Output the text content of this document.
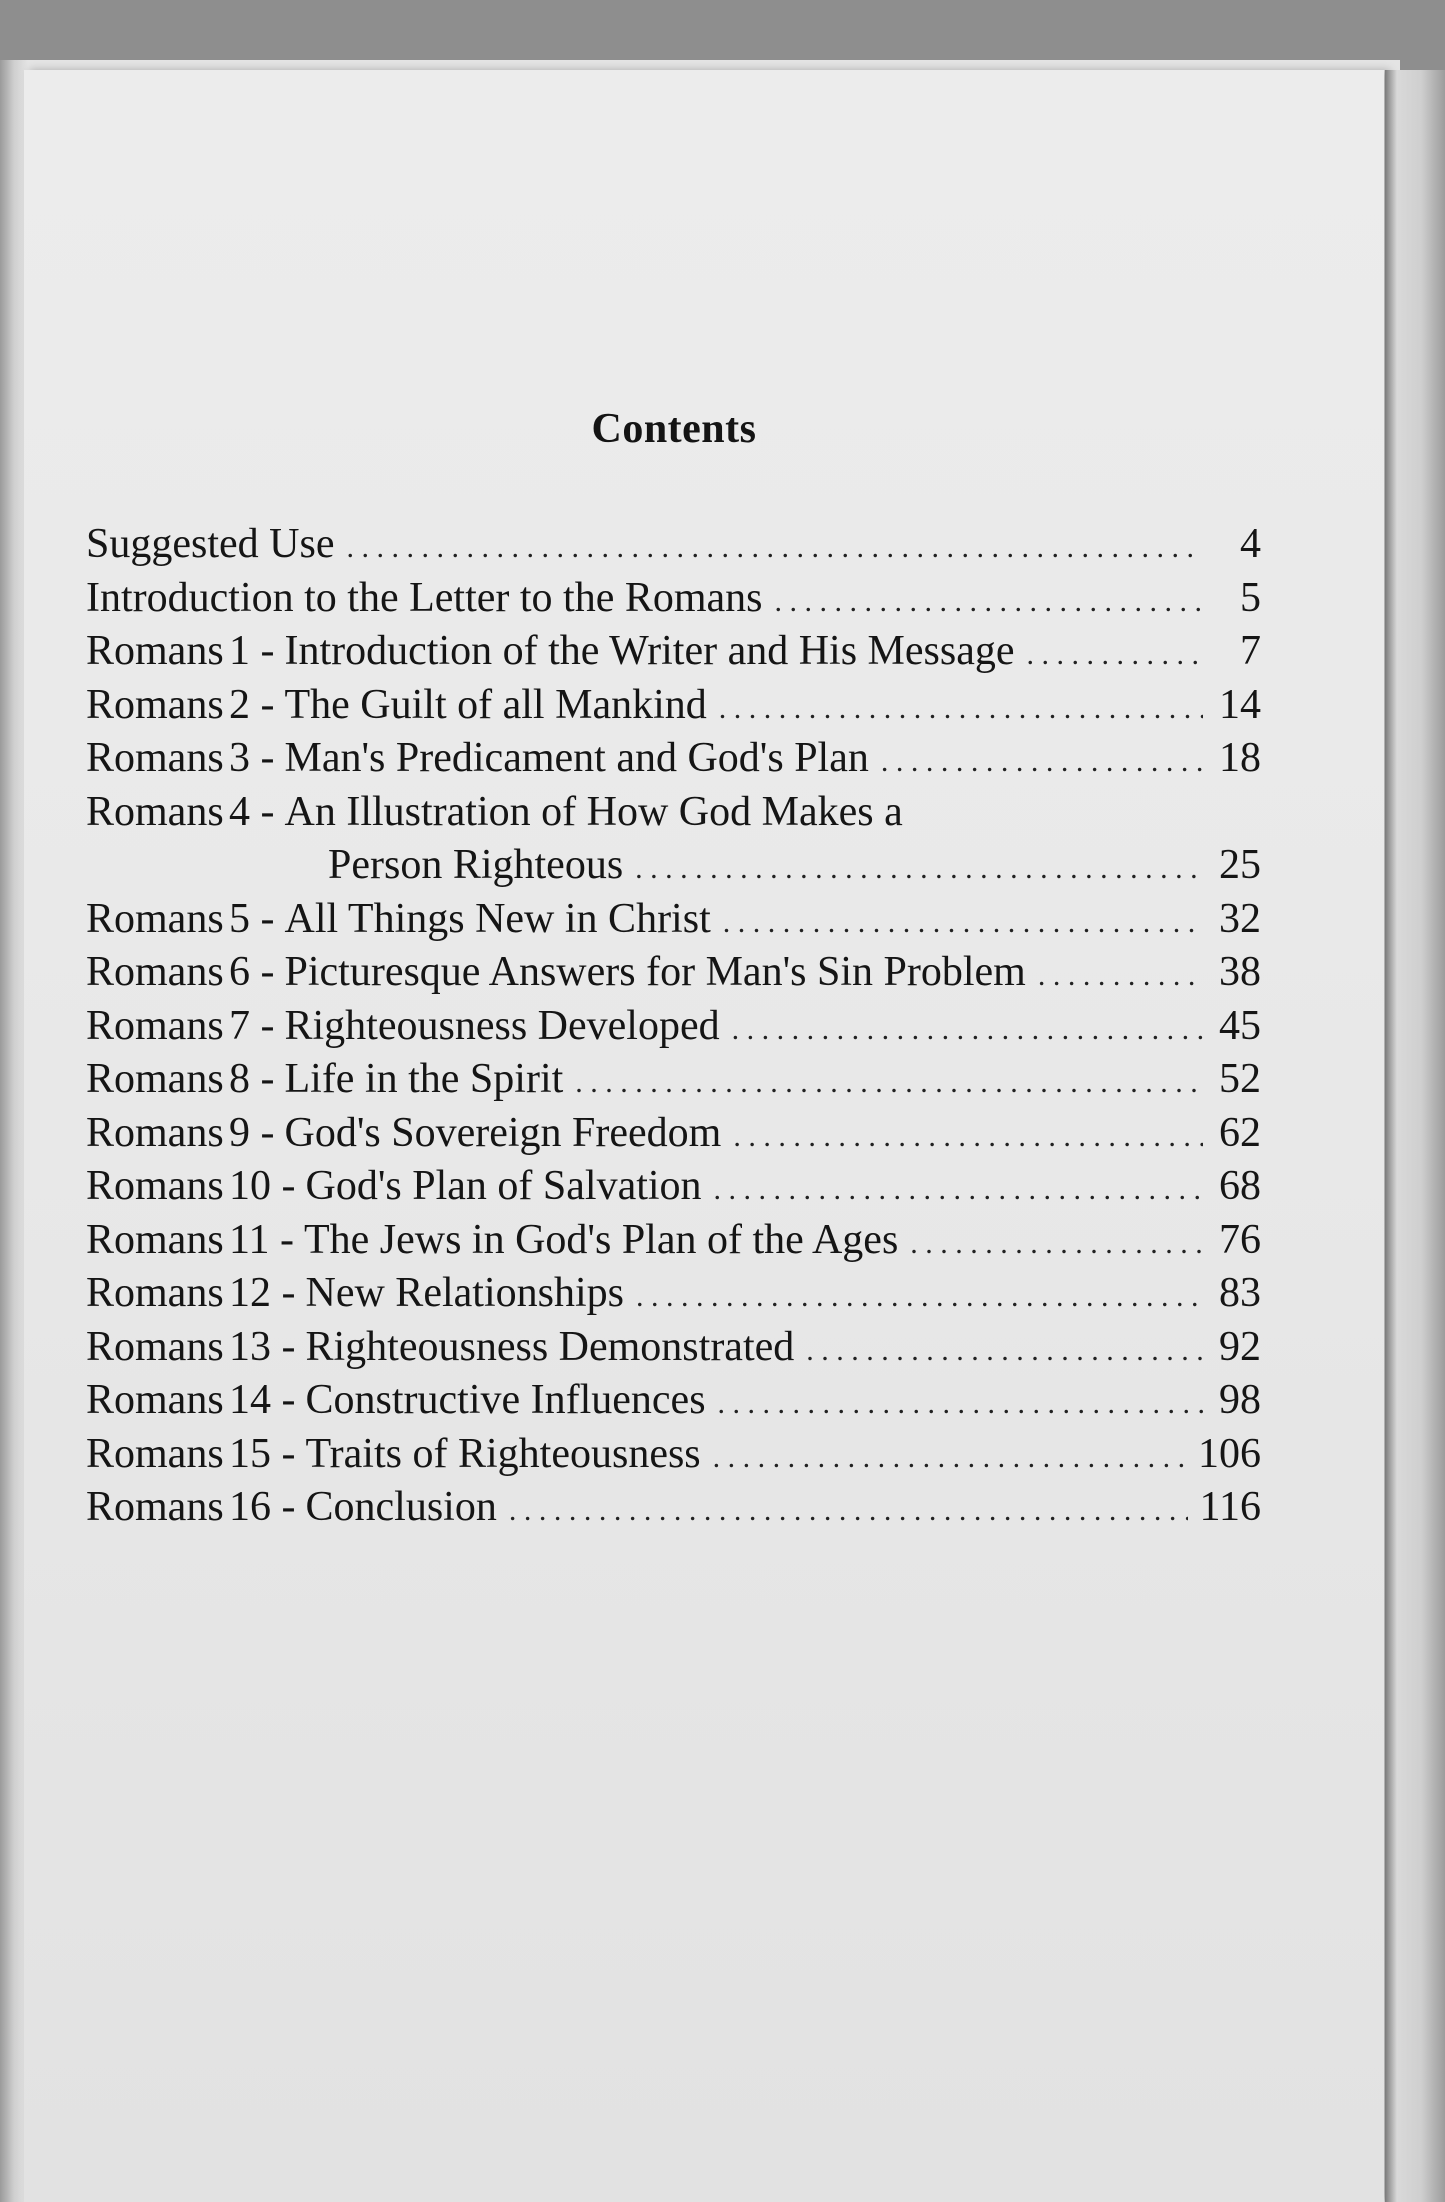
Contents
Suggested Use . . .	4
Introduction to the Letter to the Romans . . .	5
Romans 1 - Introduction of the Writer and His Message . . .	7
Romans 2 - The Guilt of all Mankind . . .	14
Romans 3 - Man's Predicament and God's Plan . . .	18
Romans 4 - An Illustration of How God Makes a
Person Righteous . . .	25
Romans 5 - All Things New in Christ . . .	32
Romans 6 - Picturesque Answers for Man's Sin Problem . . .	38
Romans 7 - Righteousness Developed . . .	45
Romans 8 - Life in the Spirit . . .	52
Romans 9 - God's Sovereign Freedom . . .	62
Romans 10 - God's Plan of Salvation . . .	68
Romans 11 - The Jews in God's Plan of the Ages . . .	76
Romans 12 - New Relationships . . .	83
Romans 13 - Righteousness Demonstrated . . .	92
Romans 14 - Constructive Influences . . .	98
Romans 15 - Traits of Righteousness . . .	106
Romans 16 - Conclusion . . .	116
